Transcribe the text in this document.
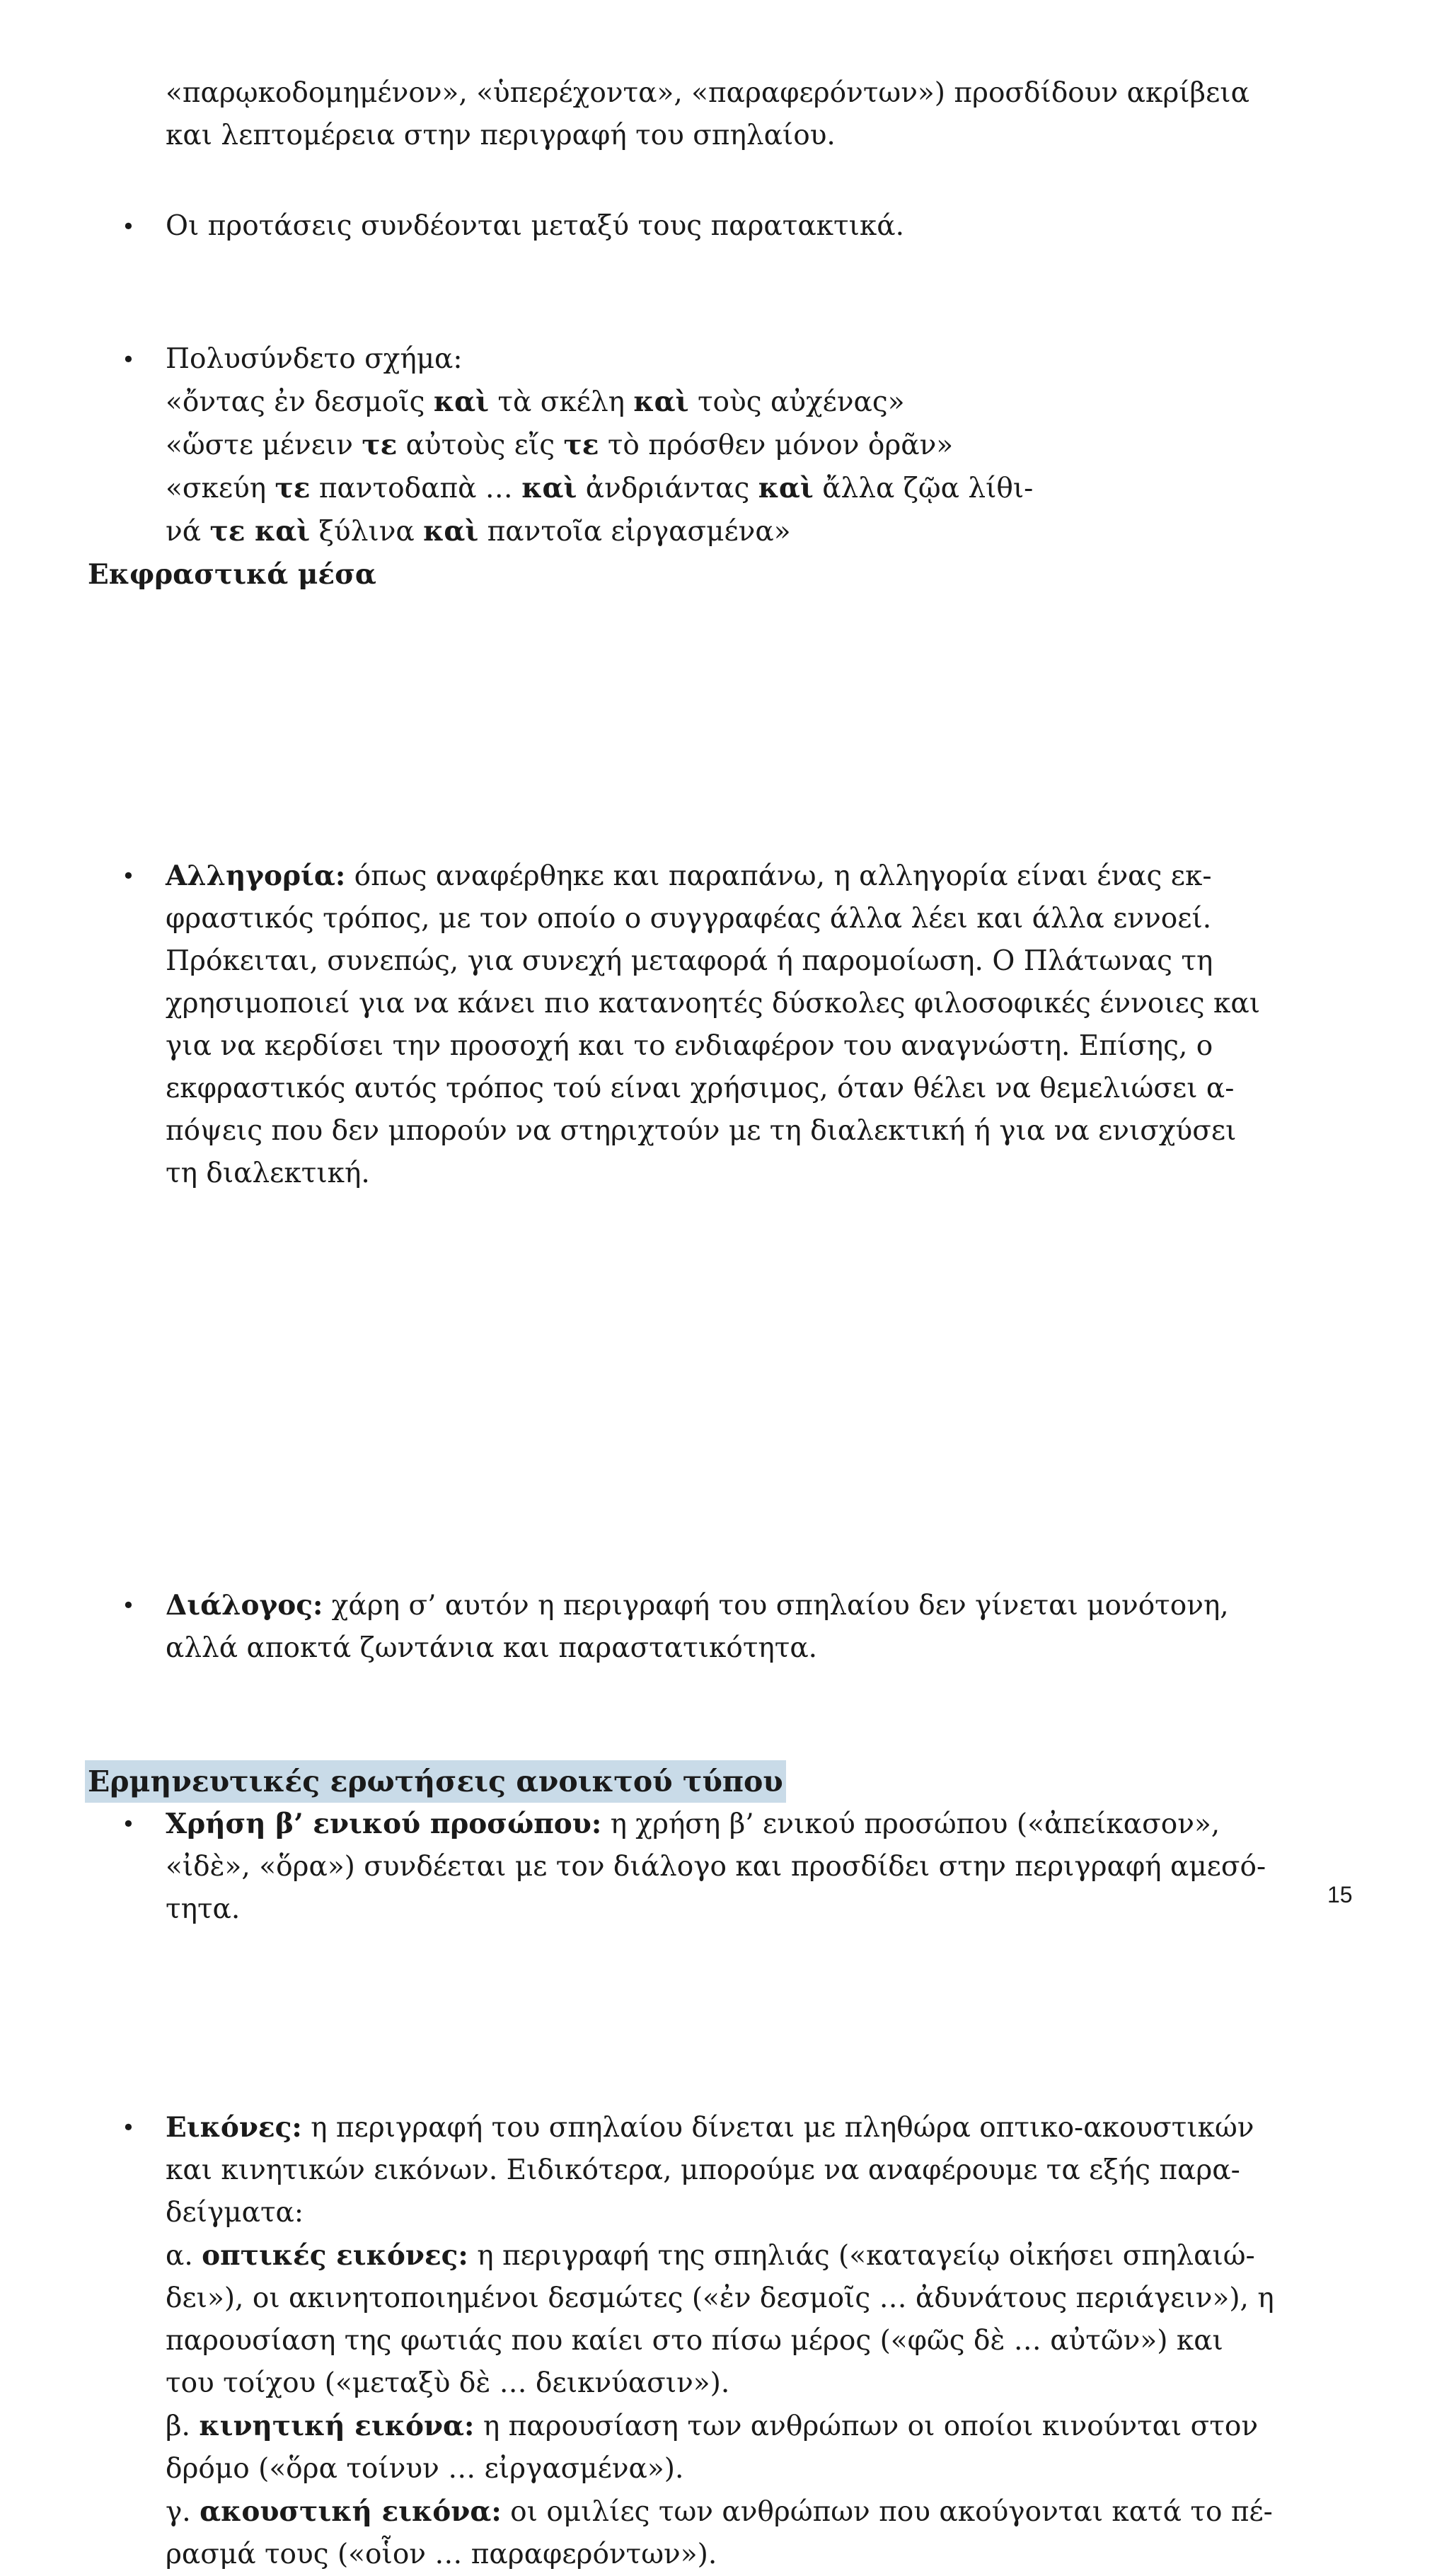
«παρῳκοδομημένον», «ὑπερέχοντα», «παραφερόντων») προσδίδουν ακρίβεια
και λεπτομέρεια στην περιγραφή του σπηλαίου.
• Οι προτάσεις συνδέονται μεταξύ τους παρατακτικά.
• Πολυσύνδετο σχήμα:
«ὄντας ἐν δεσμοῖς καὶ τὰ σκέλη καὶ τοὺς αὐχένας»
«ὥστε μένειν τε αὐτοὺς εἴς τε τὸ πρόσθεν μόνον ὁρᾶν»
«σκεύη τε παντοδαπὰ … καὶ ἀνδριάντας καὶ ἄλλα ζῷα λίθι-
νά τε καὶ ξύλινα καὶ παντοῖα εἰργασμένα»
Εκφραστικά μέσα
• Αλληγορία: όπως αναφέρθηκε και παραπάνω, η αλληγορία είναι ένας εκ-
φραστικός τρόπος, με τον οποίο ο συγγραφέας άλλα λέει και άλλα εννοεί.
Πρόκειται, συνεπώς, για συνεχή μεταφορά ή παρομοίωση. Ο Πλάτωνας τη
χρησιμοποιεί για να κάνει πιο κατανοητές δύσκολες φιλοσοφικές έννοιες και
για να κερδίσει την προσοχή και το ενδιαφέρον του αναγνώστη. Επίσης, ο
εκφραστικός αυτός τρόπος τού είναι χρήσιμος, όταν θέλει να θεμελιώσει α-
πόψεις που δεν μπορούν να στηριχτούν με τη διαλεκτική ή για να ενισχύσει
τη διαλεκτική.
• Διάλογος: χάρη σ’ αυτόν η περιγραφή του σπηλαίου δεν γίνεται μονότονη,
αλλά αποκτά ζωντάνια και παραστατικότητα.
• Χρήση β’ ενικού προσώπου: η χρήση β’ ενικού προσώπου («ἀπείκασον»,
«ἰδὲ», «ὅρα») συνδέεται με τον διάλογο και προσδίδει στην περιγραφή αμεσό-
τητα.
• Εικόνες: η περιγραφή του σπηλαίου δίνεται με πληθώρα οπτικο-ακουστικών
και κινητικών εικόνων. Ειδικότερα, μπορούμε να αναφέρουμε τα εξής παρα-
δείγματα:
α. οπτικές εικόνες: η περιγραφή της σπηλιάς («καταγείῳ οἰκήσει σπηλαιώ-
δει»), οι ακινητοποιημένοι δεσμώτες («ἐν δεσμοῖς … ἀδυνάτους περιάγειν»), η
παρουσίαση της φωτιάς που καίει στο πίσω μέρος («φῶς δὲ … αὐτῶν») και
του τοίχου («μεταξὺ δὲ … δεικνύασιν»).
β. κινητική εικόνα: η παρουσίαση των ανθρώπων οι οποίοι κινούνται στον
δρόμο («ὅρα τοίνυν … εἰργασμένα»).
γ. ακουστική εικόνα: οι ομιλίες των ανθρώπων που ακούγονται κατά το πέ-
ρασμά τους («οἷον … παραφερόντων»).
Ερμηνευτικές ερωτήσεις ανοικτού τύπου
15
